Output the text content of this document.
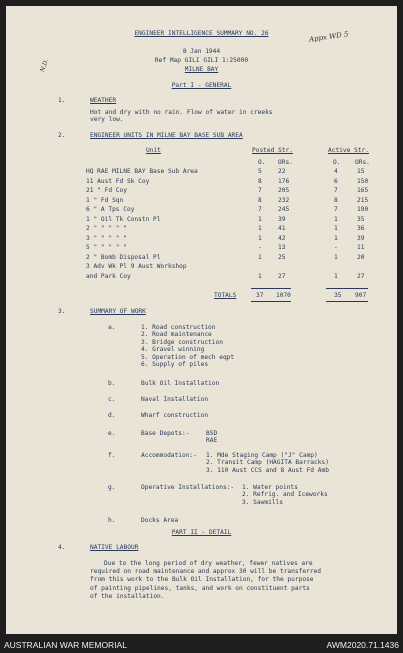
Appx WD 5
N.D.
ENGINEER INTELLIGENCE SUMMARY NO. 26
8 Jan 1944
Ref Map GILI GILI 1:25000
MILNE BAY
Part I - GENERAL
1.	WEATHER
Hot and dry with no rain. Flow of water in creeks
very low.
2.	ENGINEER UNITS IN MILNE BAY BASE SUB AREA
Unit	Posted Str.	Active Str.
O. ORs.	O. ORs.
HQ RAE MILNE BAY Base Sub Area	5	22	4	15
11 Aust Fd Sk Coy	8	176	6	150
21 " Fd Coy	7	205	7	165
1 " Fd Sqn	8	232	8	215
6 " A Tps Coy	7	245	7	190
1 " Oil Tk Constn Pl	1	39	1	35
2 " " " " "	1	41	1	36
3 " " " " "	1	42	1	39
5 " " " " "	-	13	-	11
2 " Bomb Disposal Pl	1	25	1	20
3 Adv Wk Pl 9 Aust Workshop
and Park Coy	1	27	1	27
TOTALS	37 1070	35 907
3.	SUMMARY OF WORK
a.	1. Road construction
2. Road maintenance
3. Bridge construction
4. Gravel winning
5. Operation of mech eqpt
6. Supply of piles
b.	Bulk Oil Installation
c.	Naval Installation
d.	Wharf construction
e.	Base Depots:-	BSD
RAE
f.	Accommodation:- 1. Mde Staging Camp ("J" Camp)
2. Transit Camp (HAGITA Barracks)
3. 110 Aust CCS and 8 Aust Fd Amb
g.	Operative Installations:- 1. Water points
2. Refrig. and Iceworks
3. Sawmills
h.	Docks Area
PART II - DETAIL
4.	NATIVE LABOUR
Due to the long period of dry weather, fewer natives are
required on road maintenance and approx 30 will be transferred
from this work to the Bulk Oil Installation, for the purpose
of painting pipelines, tanks, and work on constituent parts
of the installation.
AUSTRALIAN WAR MEMORIAL	AWM2020.71.1436
